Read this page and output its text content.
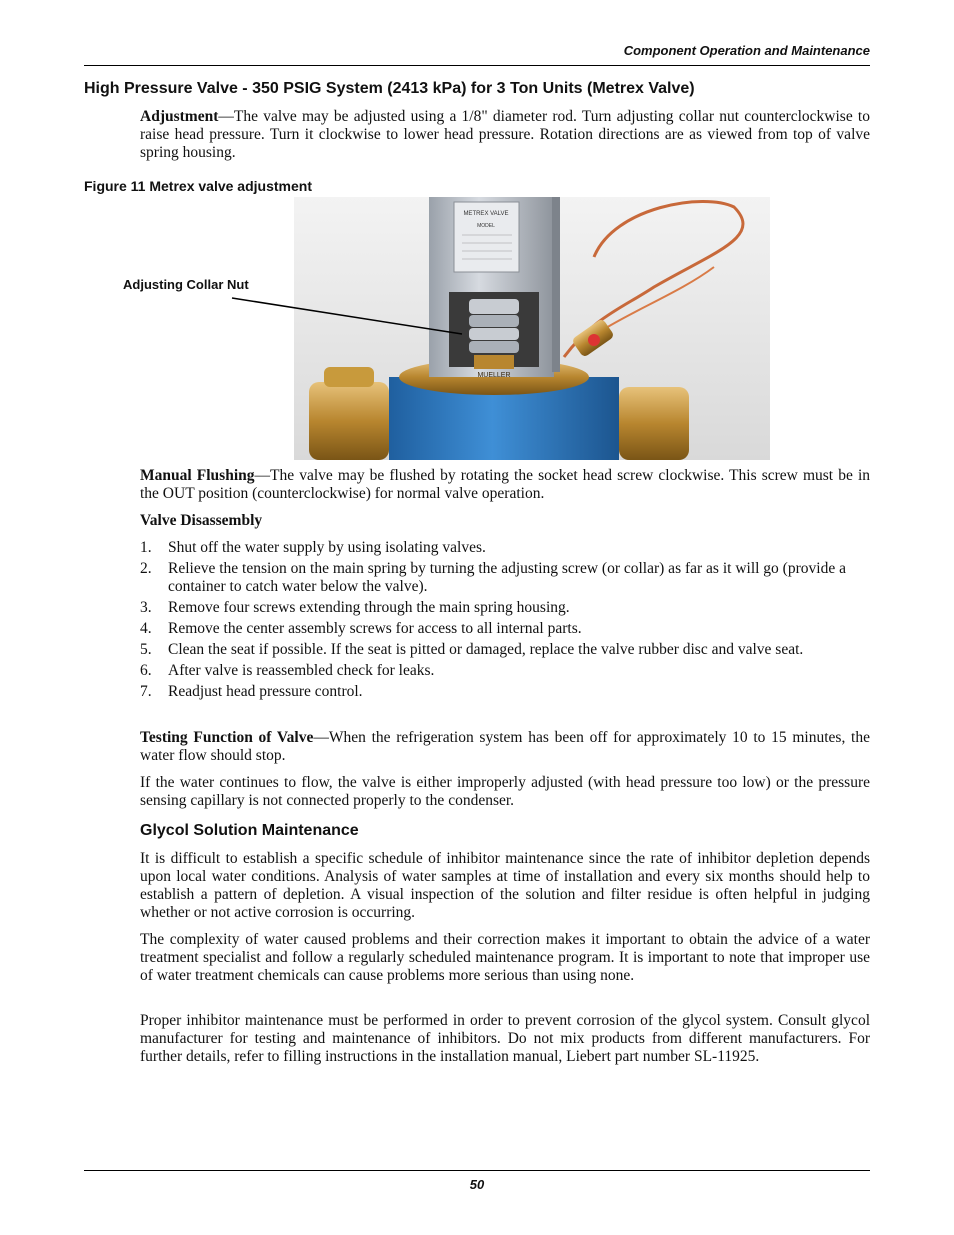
Component Operation and Maintenance
High Pressure Valve - 350 PSIG System (2413 kPa) for 3 Ton Units (Metrex Valve)
Adjustment—The valve may be adjusted using a 1/8" diameter rod. Turn adjusting collar nut counterclockwise to raise head pressure. Turn it clockwise to lower head pressure. Rotation directions are as viewed from top of valve spring housing.
Figure 11 Metrex valve adjustment
Adjusting Collar Nut
METREX VALVE
MODEL
MUELLER
Manual Flushing—The valve may be flushed by rotating the socket head screw clockwise. This screw must be in the OUT position (counterclockwise) for normal valve operation.
Valve Disassembly
1. Shut off the water supply by using isolating valves.
2. Relieve the tension on the main spring by turning the adjusting screw (or collar) as far as it will go (provide a container to catch water below the valve).
3. Remove four screws extending through the main spring housing.
4. Remove the center assembly screws for access to all internal parts.
5. Clean the seat if possible. If the seat is pitted or damaged, replace the valve rubber disc and valve seat.
6. After valve is reassembled check for leaks.
7. Readjust head pressure control.
Testing Function of Valve—When the refrigeration system has been off for approximately 10 to 15 minutes, the water flow should stop.
If the water continues to flow, the valve is either improperly adjusted (with head pressure too low) or the pressure sensing capillary is not connected properly to the condenser.
Glycol Solution Maintenance
It is difficult to establish a specific schedule of inhibitor maintenance since the rate of inhibitor depletion depends upon local water conditions. Analysis of water samples at time of installation and every six months should help to establish a pattern of depletion. A visual inspection of the solution and filter residue is often helpful in judging whether or not active corrosion is occurring.
The complexity of water caused problems and their correction makes it important to obtain the advice of a water treatment specialist and follow a regularly scheduled maintenance program. It is important to note that improper use of water treatment chemicals can cause problems more serious than using none.
Proper inhibitor maintenance must be performed in order to prevent corrosion of the glycol system. Consult glycol manufacturer for testing and maintenance of inhibitors. Do not mix products from different manufacturers. For further details, refer to filling instructions in the installation manual, Liebert part number SL-11925.
50
